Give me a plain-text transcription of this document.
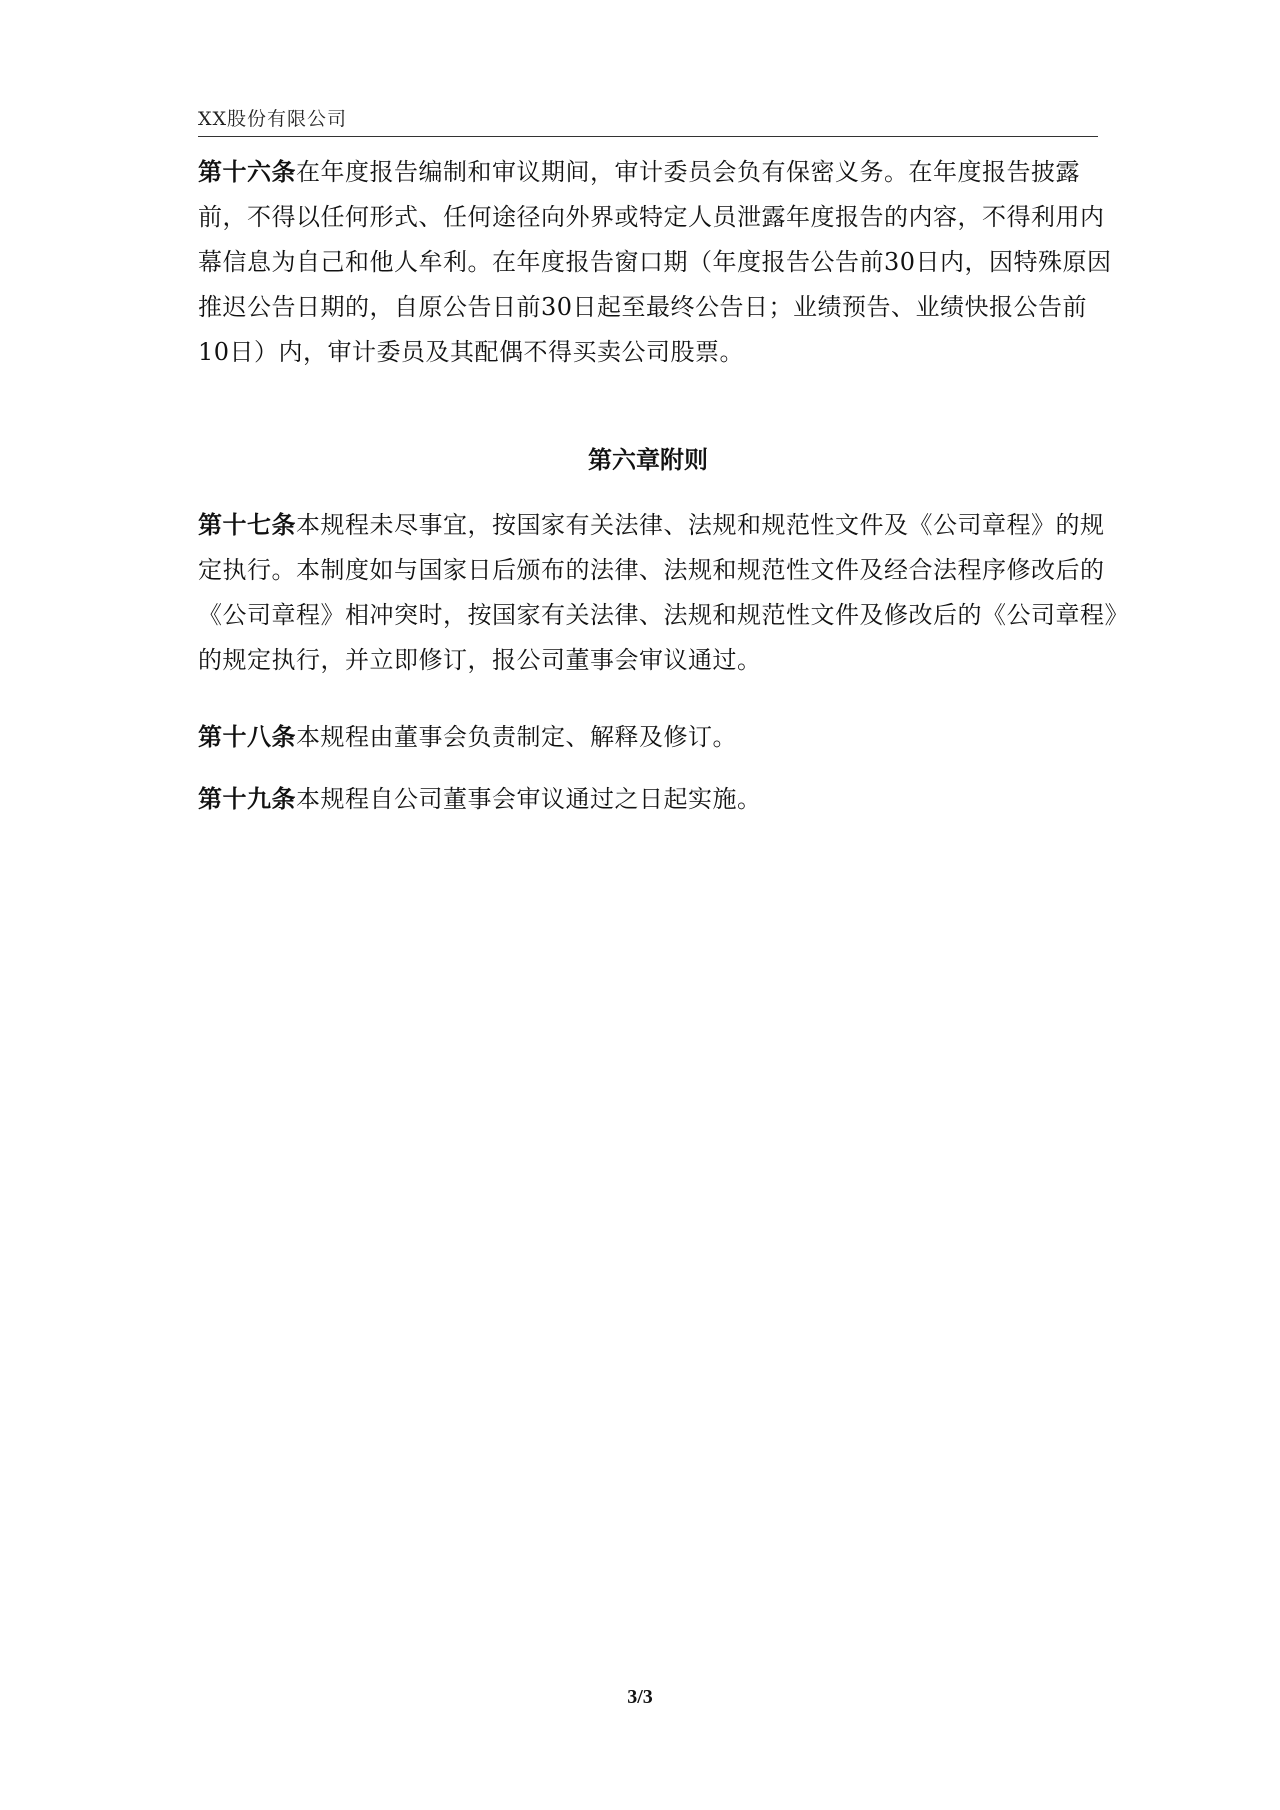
XX股份有限公司

第十六条在年度报告编制和审议期间，审计委员会负有保密义务。在年度报告披露前，不得以任何形式、任何途径向外界或特定人员泄露年度报告的内容，不得利用内幕信息为自己和他人牟利。在年度报告窗口期（年度报告公告前30日内，因特殊原因推迟公告日期的，自原公告日前30日起至最终公告日；业绩预告、业绩快报公告前10日）内，审计委员及其配偶不得买卖公司股票。

第六章附则

第十七条本规程未尽事宜，按国家有关法律、法规和规范性文件及《公司章程》的规定执行。本制度如与国家日后颁布的法律、法规和规范性文件及经合法程序修改后的《公司章程》相冲突时，按国家有关法律、法规和规范性文件及修改后的《公司章程》的规定执行，并立即修订，报公司董事会审议通过。

第十八条本规程由董事会负责制定、解释及修订。

第十九条本规程自公司董事会审议通过之日起实施。

3/3
